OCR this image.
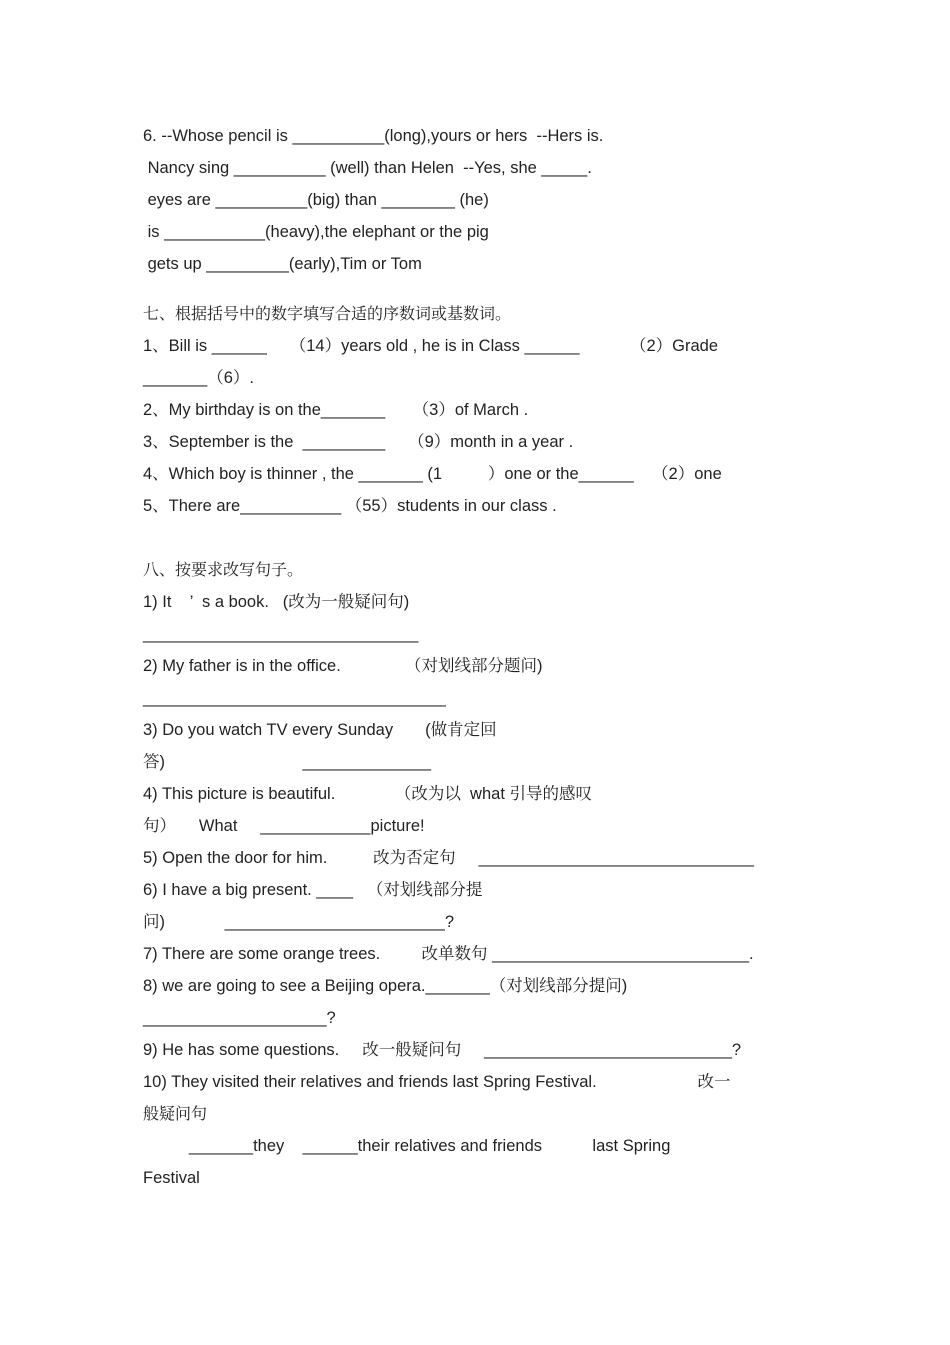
6. --Whose pencil is __________(long),yours or hers  --Hers is.
Nancy sing __________ (well) than Helen  --Yes, she _____.
eyes are __________(big) than ________ (he)
is ___________(heavy),the elephant or the pig
gets up _________(early),Tim or Tom
七、根据括号中的数字填写合适的序数词或基数词。
1、Bill is ______     （14）years old , he is in Class ______           （2）Grade
_______（6）.
2、My birthday is on the_______      （3）of March .
3、September is the  _________     （9）month in a year .
4、Which boy is thinner , the _______ (1          ）one or the______    （2）one
5、There are___________ （55）students in our class .
八、按要求改写句子。
1) It    ’  s a book.   (改为一般疑问句)
______________________________
2) My father is in the office.              （对划线部分题问)
_________________________________
3) Do you watch TV every Sunday       (做肯定回
答)                              ______________
4) This picture is beautiful.             （改为以  what 引导的感叹
句）     What     ____________picture!
5) Open the door for him.          改为否定句     ______________________________
6) I have a big present. ____   （对划线部分提
问)             ________________________?
7) There are some orange trees.         改单数句 ____________________________.
8) we are going to see a Beijing opera._______（对划线部分提问)
____________________?
9) He has some questions.     改一般疑问句     ___________________________?
10) They visited their relatives and friends last Spring Festival.                      改一
般疑问句
_______they    ______their relatives and friends           last Spring
Festival
